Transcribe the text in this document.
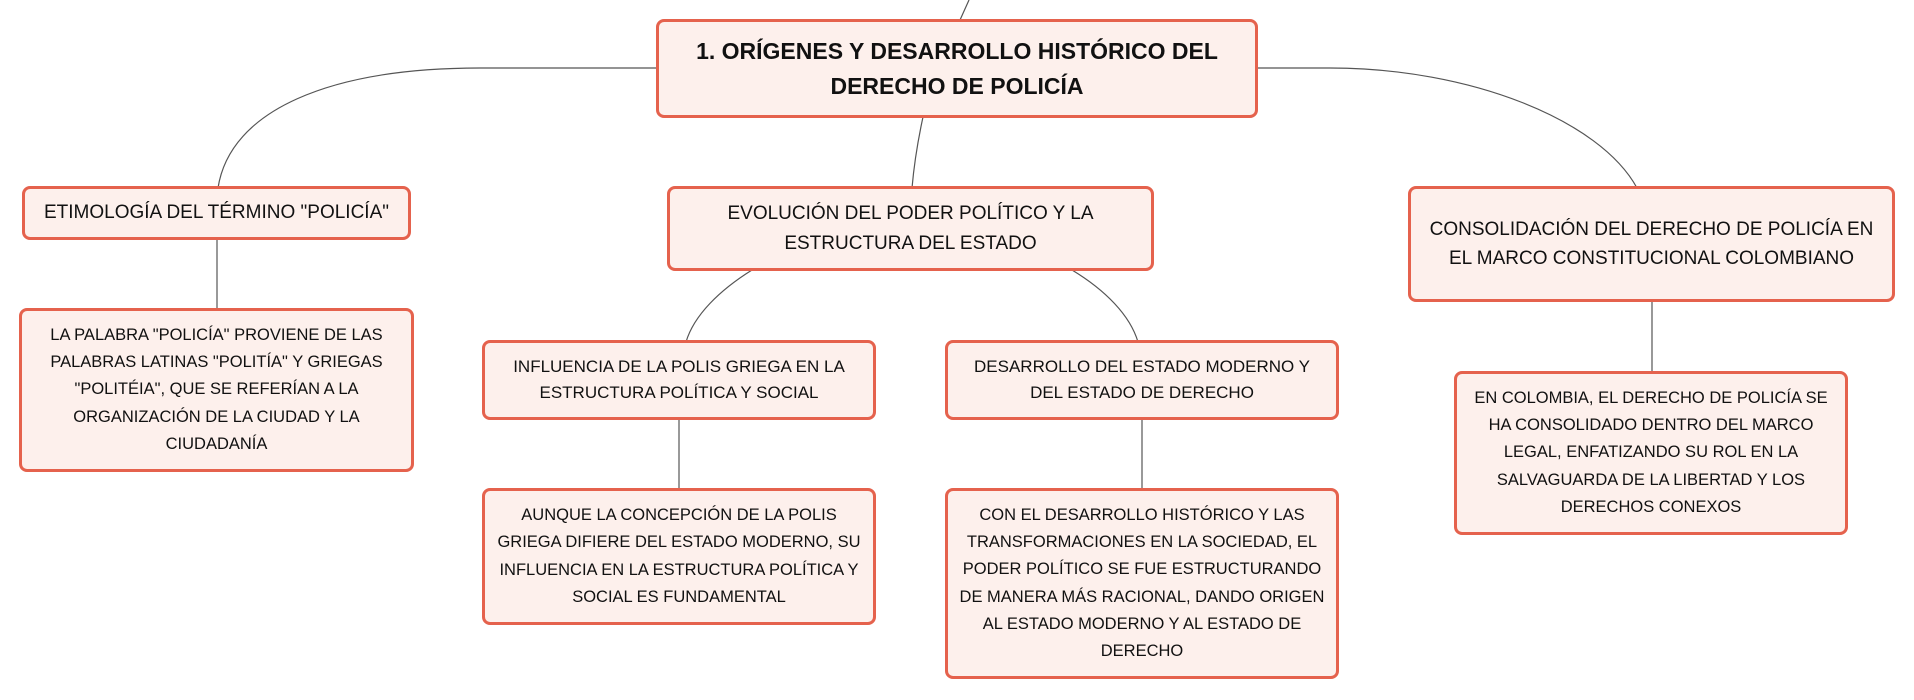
1. ORÍGENES Y DESARROLLO HISTÓRICO DEL DERECHO DE POLICÍA
ETIMOLOGÍA DEL TÉRMINO "POLICÍA"	EVOLUCIÓN DEL PODER POLÍTICO Y LA ESTRUCTURA DEL ESTADO
CONSOLIDACIÓN DEL DERECHO DE POLICÍA EN EL MARCO CONSTITUCIONAL COLOMBIANO
LA PALABRA "POLICÍA" PROVIENE DE LAS PALABRAS LATINAS "POLITÍA" Y GRIEGAS "POLITÉIA", QUE SE REFERÍAN A LA ORGANIZACIÓN DE LA CIUDAD Y LA CIUDADANÍA
INFLUENCIA DE LA POLIS GRIEGA EN LA ESTRUCTURA POLÍTICA Y SOCIAL
DESARROLLO DEL ESTADO MODERNO Y DEL ESTADO DE DERECHO
AUNQUE LA CONCEPCIÓN DE LA POLIS GRIEGA DIFIERE DEL ESTADO MODERNO, SU INFLUENCIA EN LA ESTRUCTURA POLÍTICA Y SOCIAL ES FUNDAMENTAL
CON EL DESARROLLO HISTÓRICO Y LAS TRANSFORMACIONES EN LA SOCIEDAD, EL PODER POLÍTICO SE FUE ESTRUCTURANDO DE MANERA MÁS RACIONAL, DANDO ORIGEN AL ESTADO MODERNO Y AL ESTADO DE DERECHO
EN COLOMBIA, EL DERECHO DE POLICÍA SE HA CONSOLIDADO DENTRO DEL MARCO LEGAL, ENFATIZANDO SU ROL EN LA SALVAGUARDA DE LA LIBERTAD Y LOS DERECHOS CONEXOS
